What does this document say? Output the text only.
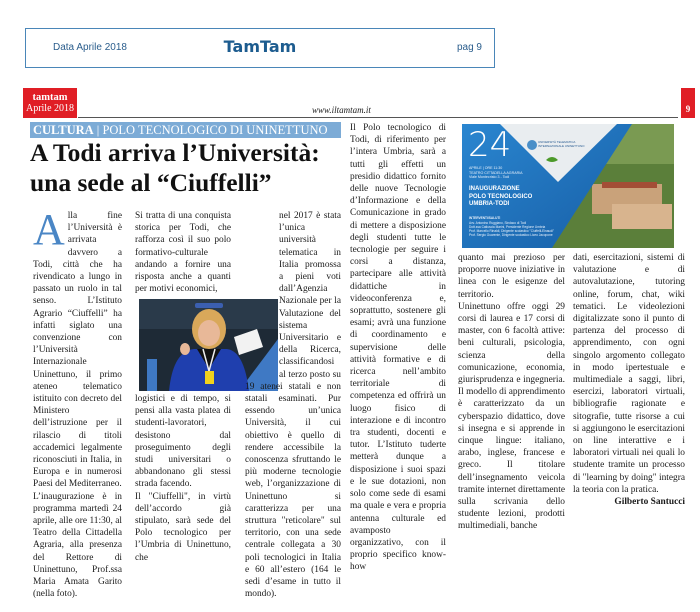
Data Aprile 2018	TamTam	pag 9
tamtam
Aprile 2018	www.iltamtam.it	9
CULTURA | POLO TECNOLOGICO DI UNINETTUNO
A Todi arriva l’Università:
una sede al “Ciuffelli”

Alla fine l’Università è arrivata davvero a Todi, città che ha rivendicato a lungo in passato un ruolo in tal senso. L’Istituto Agrario “Ciuffelli” ha infatti siglato una convenzione con l’Università Internazionale Uninettuno, il primo ateneo telematico istituito con decreto del Ministero dell’istruzione per il rilascio di titoli accademici legalmente riconosciuti in Italia, in Europa e in numerosi Paesi del Mediterraneo.

L’inaugurazione è in programma martedì 24 aprile, alle ore 11:30, al Teatro della Cittadella Agraria, alla presenza del Rettore di Uninettuno, Prof.ssa Maria Amata Garito (nella foto).

Si tratta di una conquista storica per Todi, che rafforza così il suo polo formativo-culturale andando a fornire una risposta anche a quanti per motivi economici,

logistici e di tempo, si pensi alla vasta platea di studenti-lavoratori, desistono dal proseguimento degli studi universitari o abbandonano gli stessi strada facendo.

Il "Ciuffelli", in virtù dell’accordo già stipulato, sarà sede del Polo tecnologico per l’Umbria di Uninettuno, che

nel 2017 è stata l’unica università telematica in Italia promossa a pieni voti dall’Agenzia Nazionale per la Valutazione del sistema Universitario e della Ricerca, classificandosi al terzo posto su 19 atenei statali e non statali esaminati. Pur essendo un’unica Università, il cui obiettivo è quello di rendere accessibile la conoscenza sfruttando le più moderne tecnologie web, l’organizzazione di Uninettuno si caratterizza per una struttura "reticolare" sul territorio, con una sede centrale collegata a 30 poli tecnologici in Italia e 60 all’estero (164 le sedi d’esame in tutto il mondo).

Il Polo tecnologico di Todi, di riferimento per l’intera Umbria, sarà a tutti gli effetti un presidio didattico fornito delle nuove Tecnologie d’Informazione e della Comunicazione in grado di mettere a disposizione degli studenti tutte le tecnologie per seguire i corsi a distanza, partecipare alle attività didattiche in videoconferenza e, soprattutto, sostenere gli esami; avrà una funzione di coordinamento e supervisione delle attività formative e di ricerca nell’ambito territoriale di competenza ed offrirà un luogo fisico di interazione e di incontro tra studenti, docenti e tutor. L’Istituto tuderte metterà dunque a disposizione i suoi spazi e le sue dotazioni, non solo come sede di esami ma quale e vera e propria antenna culturale ed avamposto organizzativo, con il proprio specifico know-how

24	UNIVERSITÀ TELEMATICA
INTERNAZIONALE UNINETTUNO
APRILE | ORE 11:30
TEATRO CITTADELLA AGRARIA
Viale Montecristo 3 - Todi
INAUGURAZIONE
POLO TECNOLOGICO
UMBRIA-TODI
INTERVENTI/SALUTI
Avv. Antonino Ruggiano, Sindaco di Todi
Dott.ssa Catiuscia Marini, Presidente Regione Umbria
Prof. Marcello Rinaldi, Dirigente scolastico "Ciuffelli-Einaudi"
Prof. Sergio Guarente, Dirigente scolastico Liceo Jacopone

quanto mai prezioso per proporre nuove iniziative in linea con le esigenze del territorio.

Uninettuno offre oggi 29 corsi di laurea e 17 corsi di master, con 6 facoltà attive: beni culturali, psicologia, scienza della comunicazione, economia, giurisprudenza e ingegneria. Il modello di apprendimento è caratterizzato da un cyberspazio didattico, dove si insegna e si apprende in cinque lingue: italiano, arabo, inglese, francese e greco. Il titolare dell’insegnamento veicola tramite internet direttamente sulla scrivania dello studente lezioni, prodotti multimediali, banche

dati, esercitazioni, sistemi di valutazione e di autovalutazione, tutoring online, forum, chat, wiki tematici. Le videolezioni digitalizzate sono il punto di partenza del processo di apprendimento, con ogni singolo argomento collegato in modo ipertestuale e multimediale a saggi, libri, esercizi, laboratori virtuali, bibliografie ragionate e sitografie, tutte risorse a cui si aggiungono le esercitazioni on line interattive e i laboratori virtuali nei quali lo studente tramite un processo di "learning by doing" integra la teoria con la pratica.

Gilberto Santucci
